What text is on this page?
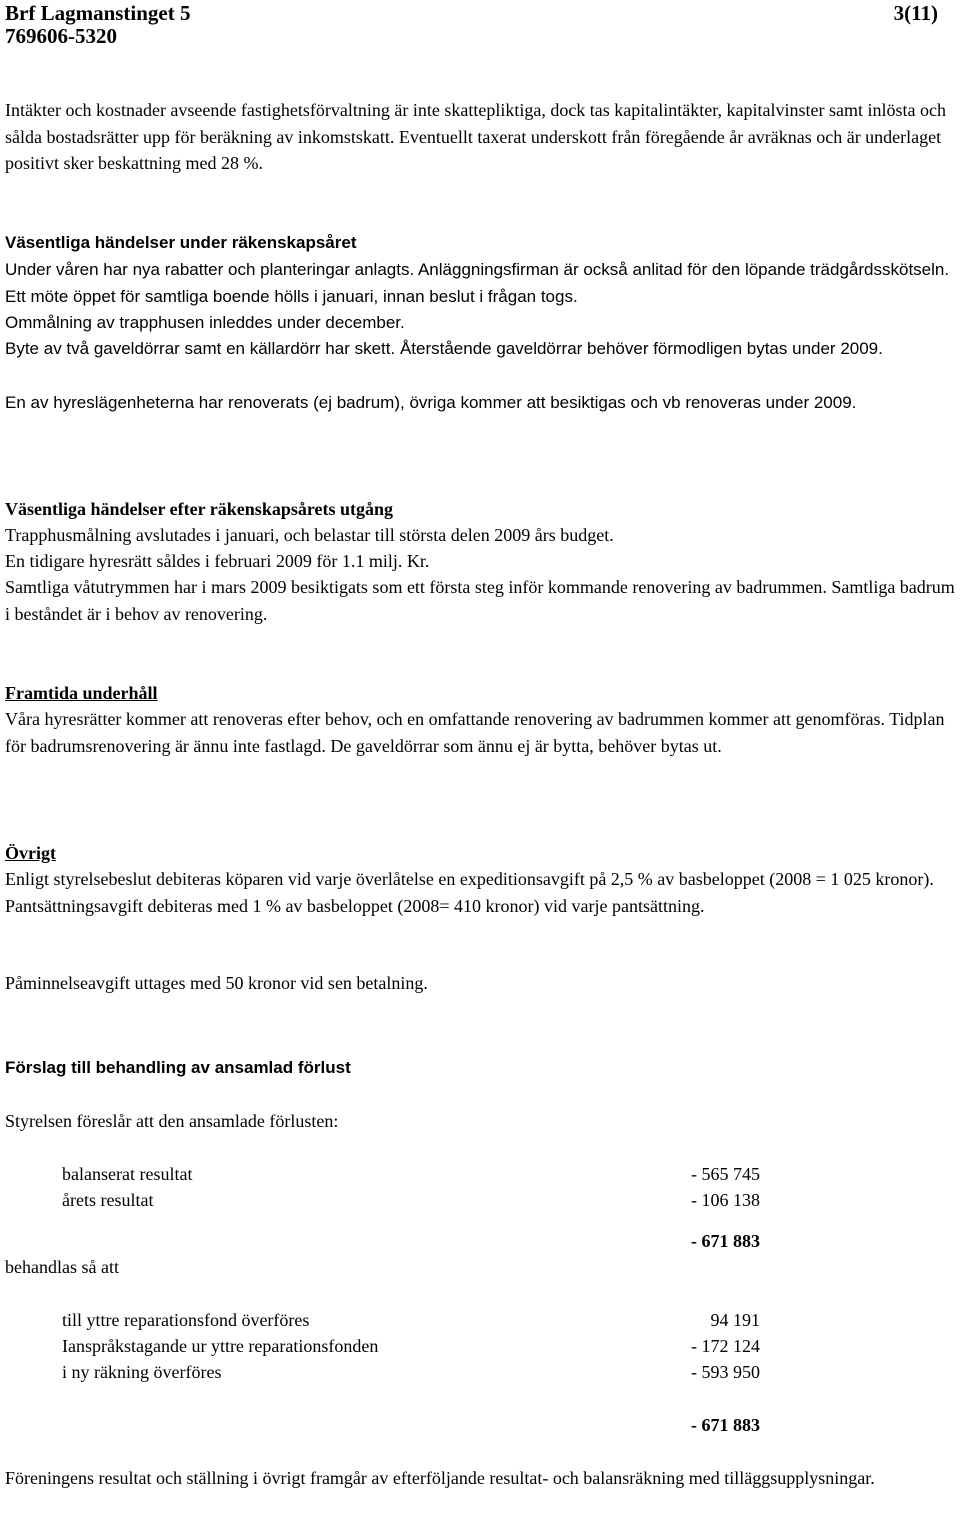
Brf Lagmanstinget 5

769606-5320

3(11)

Intäkter och kostnader avseende fastighetsförvaltning är inte skattepliktiga, dock tas kapitalintäkter, kapitalvinster samt inlösta och sålda bostadsrätter upp för beräkning av inkomstskatt. Eventuellt taxerat underskott från föregående år avräknas och är underlaget positivt sker beskattning med 28 %.

Väsentliga händelser under räkenskapsåret

Under våren har nya rabatter och planteringar anlagts. Anläggningsfirman är också anlitad för den löpande trädgårdsskötseln. Ett möte öppet för samtliga boende hölls i januari, innan beslut i frågan togs.

Ommålning av trapphusen inleddes under december.

Byte av två gaveldörrar samt en källardörr har skett. Återstående gaveldörrar behöver förmodligen bytas under 2009.

En av hyreslägenheterna har renoverats (ej badrum), övriga kommer att besiktigas och vb renoveras under 2009.

Väsentliga händelser efter räkenskapsårets utgång

Trapphusmålning avslutades i januari, och belastar till största delen 2009 års budget.

En tidigare hyresrätt såldes i februari 2009 för 1.1 milj. Kr.

Samtliga våtutrymmen har i mars 2009 besiktigats som ett första steg inför kommande renovering av badrummen. Samtliga badrum i beståndet är i behov av renovering.

Framtida underhåll

Våra hyresrätter kommer att renoveras efter behov, och en omfattande renovering av badrummen kommer att genomföras. Tidplan för badrumsrenovering är ännu inte fastlagd. De gaveldörrar som ännu ej är bytta, behöver bytas ut.

Övrigt

Enligt styrelsebeslut debiteras köparen vid varje överlåtelse en expeditionsavgift på 2,5 % av basbeloppet (2008 = 1 025 kronor). Pantsättningsavgift debiteras med 1 % av basbeloppet (2008= 410 kronor) vid varje pantsättning.

Påminnelseavgift uttages med 50 kronor vid sen betalning.

Förslag till behandling av ansamlad förlust

Styrelsen föreslår att den ansamlade förlusten:

balanserat resultat	- 565 745

årets resultat	- 106 138

- 671 883

behandlas så att

till yttre reparationsfond överföres	94 191

Ianspråkstagande ur yttre reparationsfonden	- 172 124

i ny räkning överföres	- 593 950

- 671 883

Föreningens resultat och ställning i övrigt framgår av efterföljande resultat- och balansräkning med tilläggsupplysningar.
